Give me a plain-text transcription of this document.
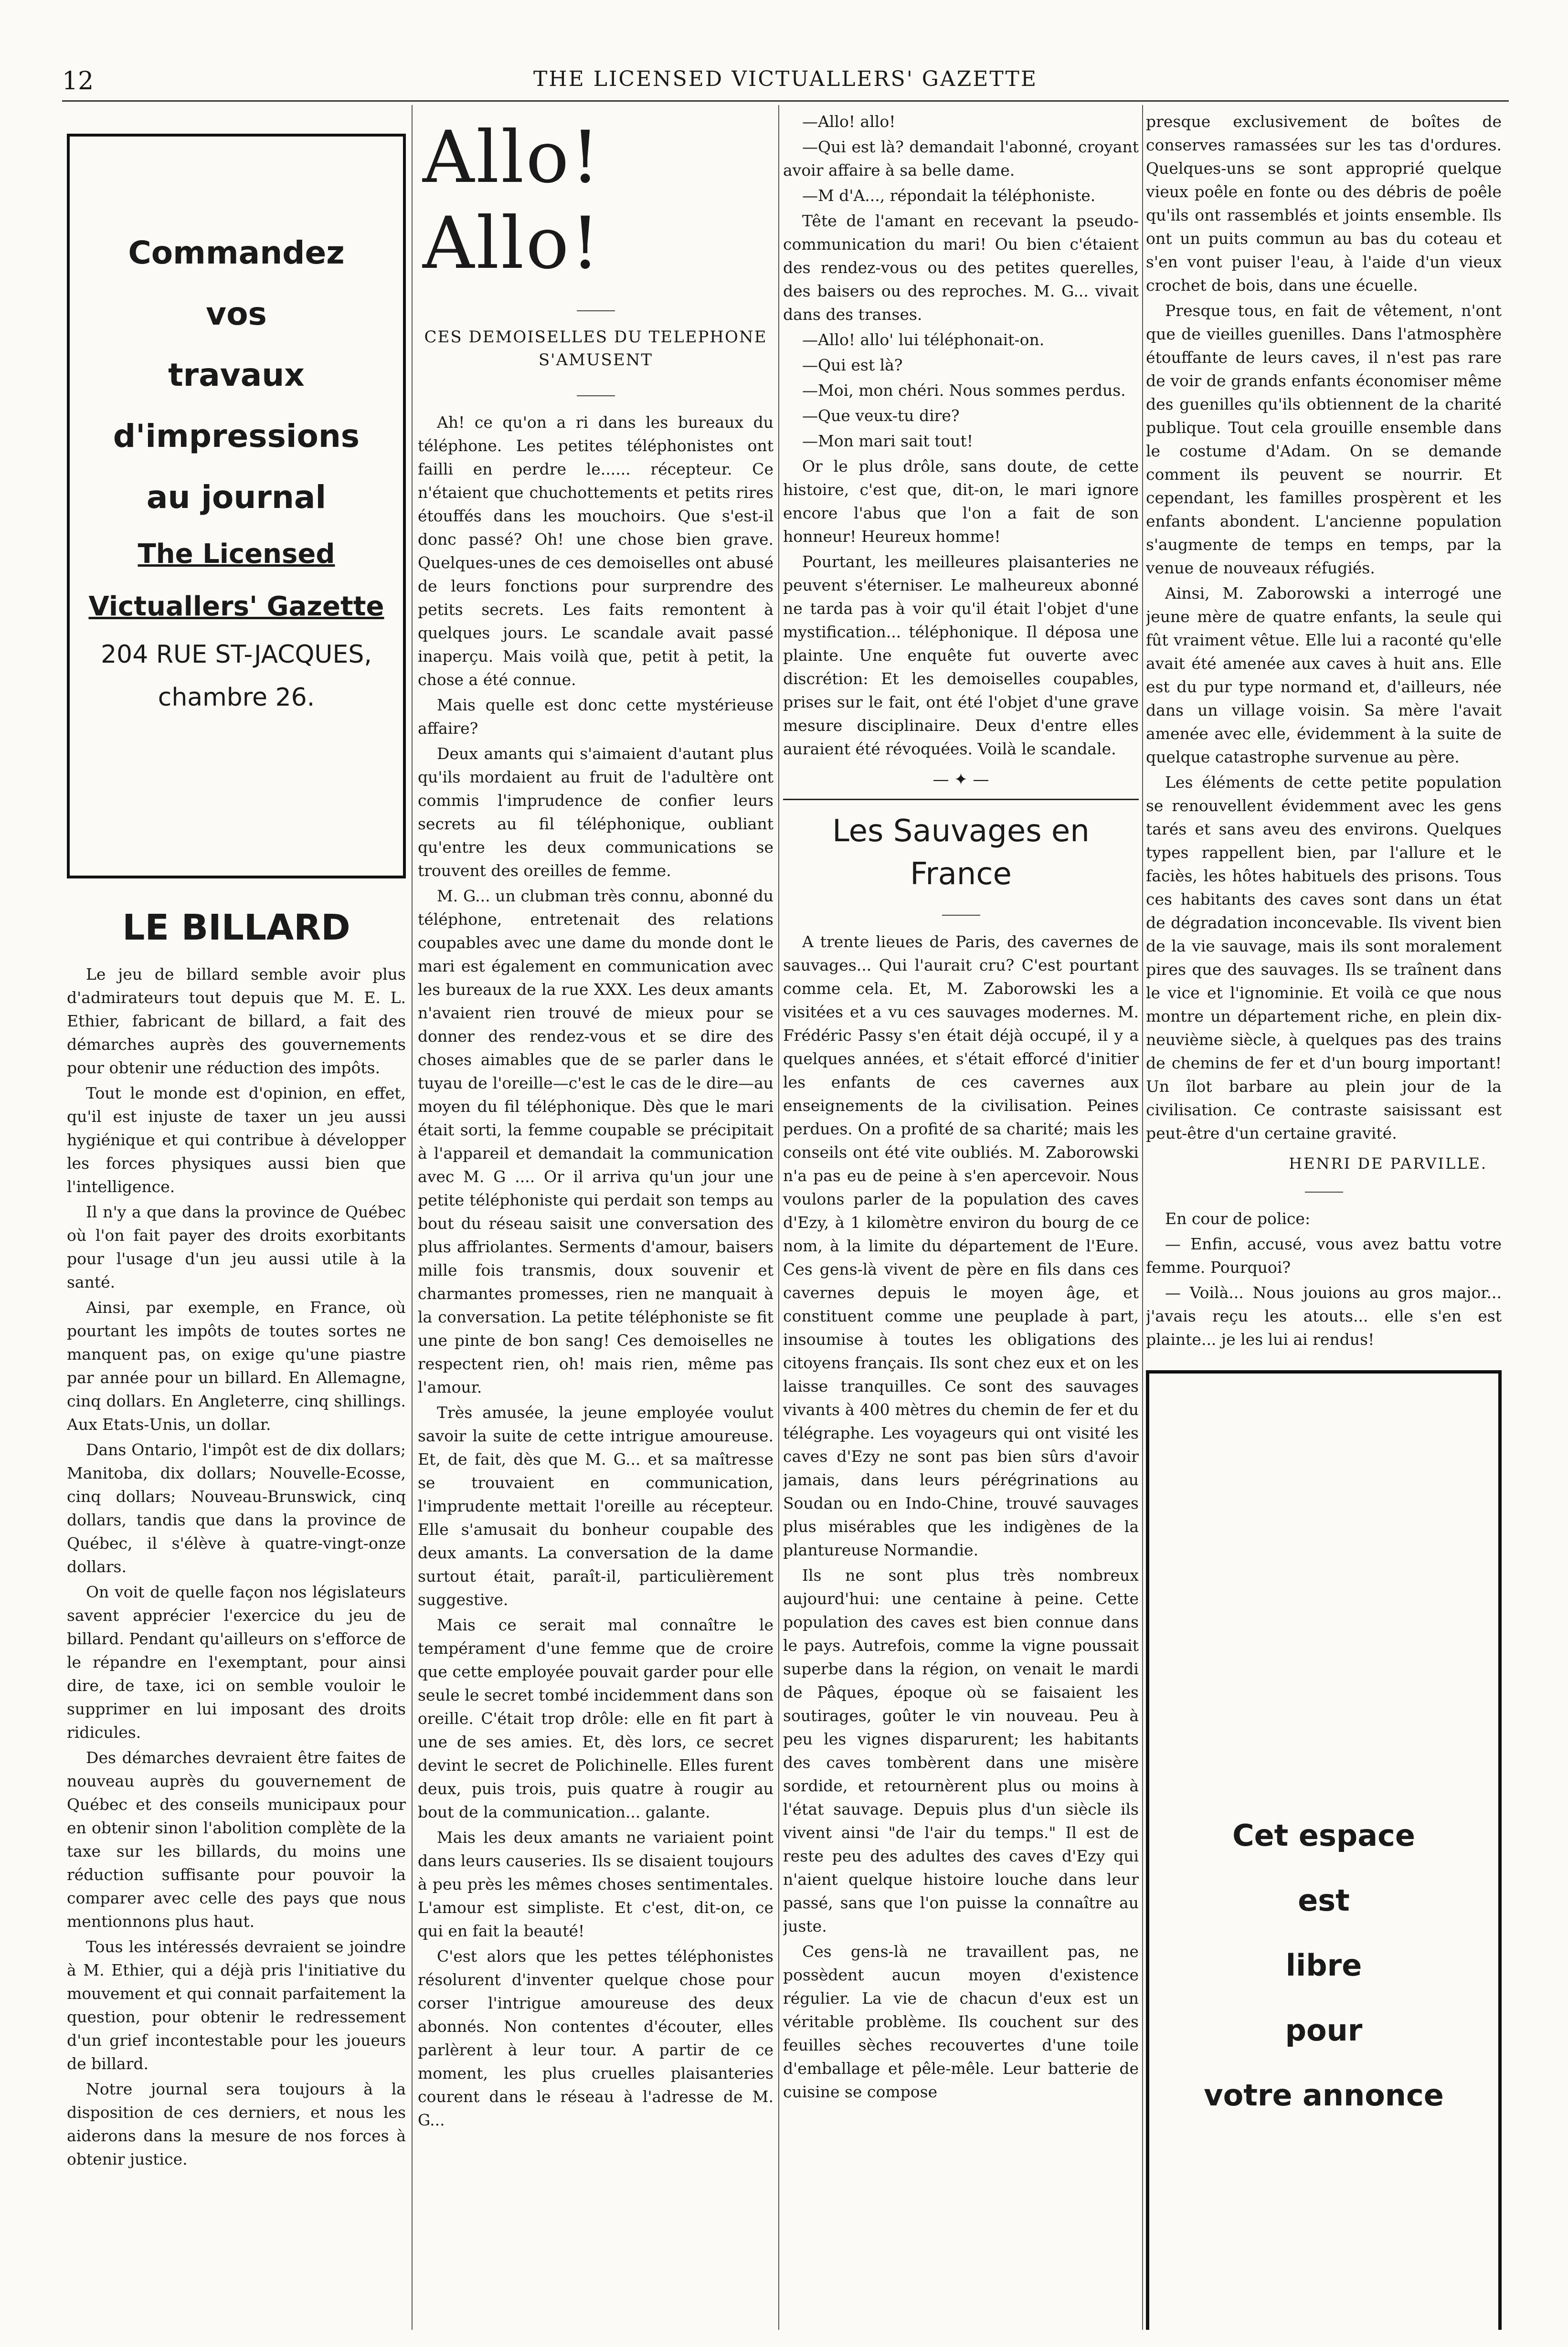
12	THE LICENSED VICTUALLERS' GAZETTE
Commandez
vos
travaux
d'impressions
au journal
The Licensed
Victuallers' Gazette
204 RUE ST-JACQUES,
chambre 26.
LE BILLARD

Le jeu de billard semble avoir plus d'admirateurs tout depuis que M. E. L. Ethier, fabricant de billard, a fait des démarches auprès des gouvernements pour obtenir une réduction des impôts.

Tout le monde est d'opinion, en effet, qu'il est injuste de taxer un jeu aussi hygiénique et qui contribue à développer les forces physiques aussi bien que l'intelligence.

Il n'y a que dans la province de Québec où l'on fait payer des droits exorbitants pour l'usage d'un jeu aussi utile à la santé.

Ainsi, par exemple, en France, où pourtant les impôts de toutes sortes ne manquent pas, on exige qu'une piastre par année pour un billard. En Allemagne, cinq dollars. En Angleterre, cinq shillings. Aux Etats-Unis, un dollar.

Dans Ontario, l'impôt est de dix dollars; Manitoba, dix dollars; Nouvelle-Ecosse, cinq dollars; Nouveau-Brunswick, cinq dollars, tandis que dans la province de Québec, il s'élève à quatre-vingt-onze dollars.

On voit de quelle façon nos législateurs savent apprécier l'exercice du jeu de billard. Pendant qu'ailleurs on s'efforce de le répandre en l'exemptant, pour ainsi dire, de taxe, ici on semble vouloir le supprimer en lui imposant des droits ridicules.

Des démarches devraient être faites de nouveau auprès du gouvernement de Québec et des conseils municipaux pour en obtenir sinon l'abolition complète de la taxe sur les billards, du moins une réduction suffisante pour pouvoir la comparer avec celle des pays que nous mentionnons plus haut.

Tous les intéressés devraient se joindre à M. Ethier, qui a déjà pris l'initiative du mouvement et qui connait parfaitement la question, pour obtenir le redressement d'un grief incontestable pour les joueurs de billard.

Notre journal sera toujours à la disposition de ces derniers, et nous les aiderons dans la mesure de nos forces à obtenir justice.

Allo! Allo!
CES DEMOISELLES DU TELEPHONE S'AMUSENT

Ah! ce qu'on a ri dans les bureaux du téléphone. Les petites téléphonistes ont failli en perdre le...... récepteur. Ce n'étaient que chuchottements et petits rires étouffés dans les mouchoirs. Que s'est-il donc passé? Oh! une chose bien grave. Quelques-unes de ces demoiselles ont abusé de leurs fonctions pour surprendre des petits secrets. Les faits remontent à quelques jours. Le scandale avait passé inaperçu. Mais voilà que, petit à petit, la chose a été connue.

Mais quelle est donc cette mystérieuse affaire?

Deux amants qui s'aimaient d'autant plus qu'ils mordaient au fruit de l'adultère ont commis l'imprudence de confier leurs secrets au fil téléphonique, oubliant qu'entre les deux communications se trouvent des oreilles de femme.

M. G... un clubman très connu, abonné du téléphone, entretenait des relations coupables avec une dame du monde dont le mari est également en communication avec les bureaux de la rue XXX. Les deux amants n'avaient rien trouvé de mieux pour se donner des rendez-vous et se dire des choses aimables que de se parler dans le tuyau de l'oreille—c'est le cas de le dire—au moyen du fil téléphonique. Dès que le mari était sorti, la femme coupable se précipitait à l'appareil et demandait la communication avec M. G .... Or il arriva qu'un jour une petite téléphoniste qui perdait son temps au bout du réseau saisit une conversation des plus affriolantes. Serments d'amour, baisers mille fois transmis, doux souvenir et charmantes promesses, rien ne manquait à la conversation. La petite téléphoniste se fit une pinte de bon sang! Ces demoiselles ne respectent rien, oh! mais rien, même pas l'amour.

Très amusée, la jeune employée voulut savoir la suite de cette intrigue amoureuse. Et, de fait, dès que M. G... et sa maîtresse se trouvaient en communication, l'imprudente mettait l'oreille au récepteur. Elle s'amusait du bonheur coupable des deux amants. La conversation de la dame surtout était, paraît-il, particulièrement suggestive.

Mais ce serait mal connaître le tempérament d'une femme que de croire que cette employée pouvait garder pour elle seule le secret tombé incidemment dans son oreille. C'était trop drôle: elle en fit part à une de ses amies. Et, dès lors, ce secret devint le secret de Polichinelle. Elles furent deux, puis trois, puis quatre à rougir au bout de la communication... galante.

Mais les deux amants ne variaient point dans leurs causeries. Ils se disaient toujours à peu près les mêmes choses sentimentales. L'amour est simpliste. Et c'est, dit-on, ce qui en fait la beauté!

C'est alors que les pettes téléphonistes résolurent d'inventer quelque chose pour corser l'intrigue amoureuse des deux abonnés. Non contentes d'écouter, elles parlèrent à leur tour. A partir de ce moment, les plus cruelles plaisanteries courent dans le réseau à l'adresse de M. G...

—Allo! allo!

—Qui est là? demandait l'abonné, croyant avoir affaire à sa belle dame.

—M d'A..., répondait la téléphoniste.

Tête de l'amant en recevant la pseudo-communication du mari! Ou bien c'étaient des rendez-vous ou des petites querelles, des baisers ou des reproches. M. G... vivait dans des transes.

—Allo! allo' lui téléphonait-on.

—Qui est là?

—Moi, mon chéri. Nous sommes perdus.

—Que veux-tu dire?

—Mon mari sait tout!

Or le plus drôle, sans doute, de cette histoire, c'est que, dit-on, le mari ignore encore l'abus que l'on a fait de son honneur! Heureux homme!

Pourtant, les meilleures plaisanteries ne peuvent s'éterniser. Le malheureux abonné ne tarda pas à voir qu'il était l'objet d'une mystification... téléphonique. Il déposa une plainte. Une enquête fut ouverte avec discrétion: Et les demoiselles coupables, prises sur le fait, ont été l'objet d'une grave mesure disciplinaire. Deux d'entre elles auraient été révoquées. Voilà le scandale.

— ✦ —
Les Sauvages en France

A trente lieues de Paris, des cavernes de sauvages... Qui l'aurait cru? C'est pourtant comme cela. Et, M. Zaborowski les a visitées et a vu ces sauvages modernes. M. Frédéric Passy s'en était déjà occupé, il y a quelques années, et s'était efforcé d'initier les enfants de ces cavernes aux enseignements de la civilisation. Peines perdues. On a profité de sa charité; mais les conseils ont été vite oubliés. M. Zaborowski n'a pas eu de peine à s'en apercevoir. Nous voulons parler de la population des caves d'Ezy, à 1 kilomètre environ du bourg de ce nom, à la limite du département de l'Eure. Ces gens-là vivent de père en fils dans ces cavernes depuis le moyen âge, et constituent comme une peuplade à part, insoumise à toutes les obligations des citoyens français. Ils sont chez eux et on les laisse tranquilles. Ce sont des sauvages vivants à 400 mètres du chemin de fer et du télégraphe. Les voyageurs qui ont visité les caves d'Ezy ne sont pas bien sûrs d'avoir jamais, dans leurs pérégrinations au Soudan ou en Indo-Chine, trouvé sauvages plus misérables que les indigènes de la plantureuse Normandie.

Ils ne sont plus très nombreux aujourd'hui: une centaine à peine. Cette population des caves est bien connue dans le pays. Autrefois, comme la vigne poussait superbe dans la région, on venait le mardi de Pâques, époque où se faisaient les soutirages, goûter le vin nouveau. Peu à peu les vignes disparurent; les habitants des caves tombèrent dans une misère sordide, et retournèrent plus ou moins à l'état sauvage. Depuis plus d'un siècle ils vivent ainsi "de l'air du temps." Il est de reste peu des adultes des caves d'Ezy qui n'aient quelque histoire louche dans leur passé, sans que l'on puisse la connaître au juste.

Ces gens-là ne travaillent pas, ne possèdent aucun moyen d'existence régulier. La vie de chacun d'eux est un véritable problème. Ils couchent sur des feuilles sèches recouvertes d'une toile d'emballage et pêle-mêle. Leur batterie de cuisine se compose

presque exclusivement de boîtes de conserves ramassées sur les tas d'ordures. Quelques-uns se sont approprié quelque vieux poêle en fonte ou des débris de poêle qu'ils ont rassemblés et joints ensemble. Ils ont un puits commun au bas du coteau et s'en vont puiser l'eau, à l'aide d'un vieux crochet de bois, dans une écuelle.

Presque tous, en fait de vêtement, n'ont que de vieilles guenilles. Dans l'atmosphère étouffante de leurs caves, il n'est pas rare de voir de grands enfants économiser même des guenilles qu'ils obtiennent de la charité publique. Tout cela grouille ensemble dans le costume d'Adam. On se demande comment ils peuvent se nourrir. Et cependant, les familles prospèrent et les enfants abondent. L'ancienne population s'augmente de temps en temps, par la venue de nouveaux réfugiés.

Ainsi, M. Zaborowski a interrogé une jeune mère de quatre enfants, la seule qui fût vraiment vêtue. Elle lui a raconté qu'elle avait été amenée aux caves à huit ans. Elle est du pur type normand et, d'ailleurs, née dans un village voisin. Sa mère l'avait amenée avec elle, évidemment à la suite de quelque catastrophe survenue au père.

Les éléments de cette petite population se renouvellent évidemment avec les gens tarés et sans aveu des environs. Quelques types rappellent bien, par l'allure et le faciès, les hôtes habituels des prisons. Tous ces habitants des caves sont dans un état de dégradation inconcevable. Ils vivent bien de la vie sauvage, mais ils sont moralement pires que des sauvages. Ils se traînent dans le vice et l'ignominie. Et voilà ce que nous montre un département riche, en plein dix-neuvième siècle, à quelques pas des trains de chemins de fer et d'un bourg important! Un îlot barbare au plein jour de la civilisation. Ce contraste saisissant est peut-être d'un certaine gravité.

HENRI DE PARVILLE.

En cour de police:

— Enfin, accusé, vous avez battu votre femme. Pourquoi?

— Voilà... Nous jouions au gros major... j'avais reçu les atouts... elle s'en est plainte... je les lui ai rendus!

Cet espace
est
libre
pour
votre annonce
